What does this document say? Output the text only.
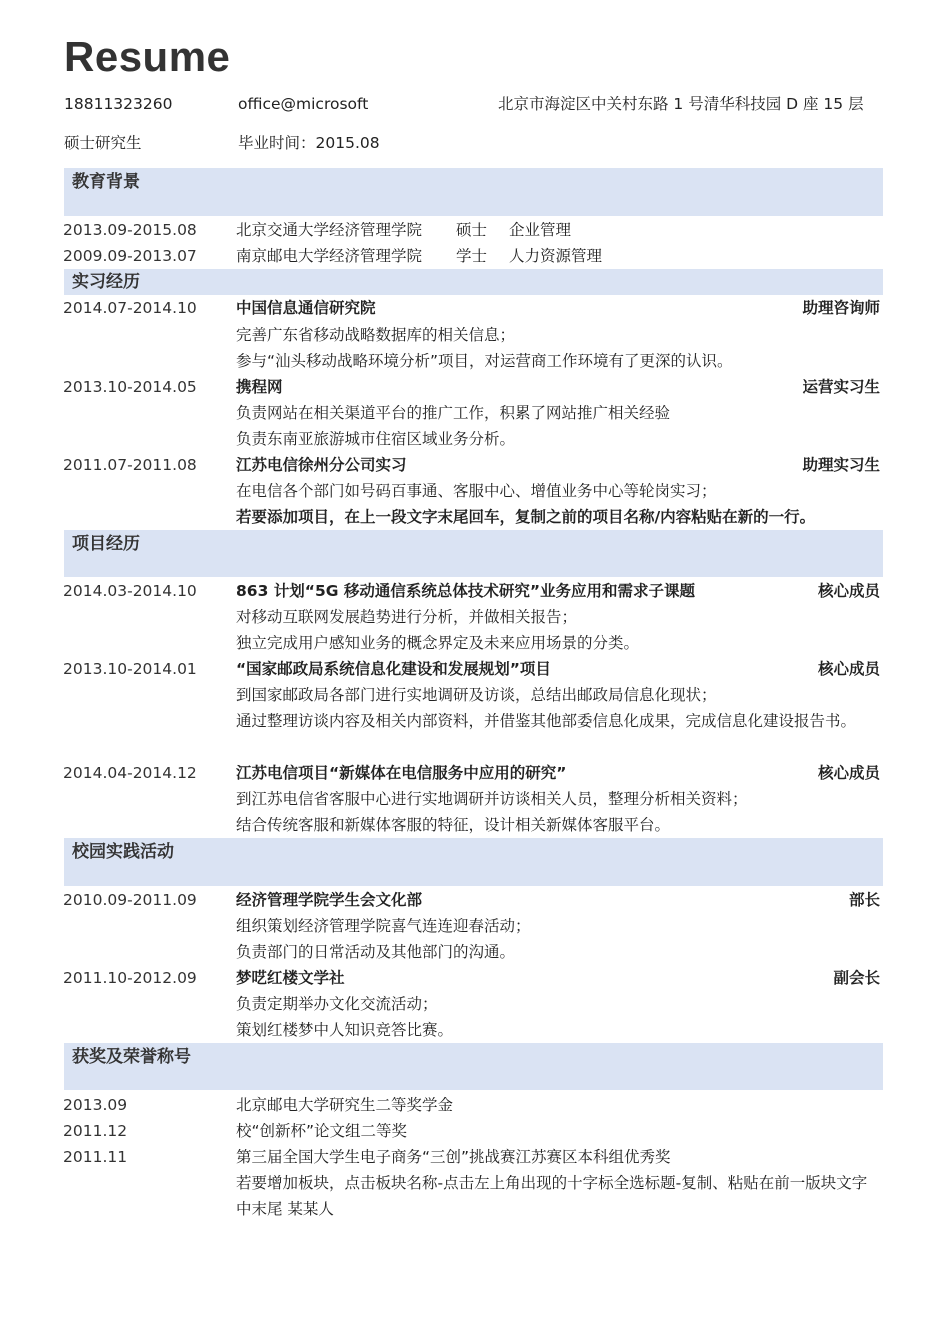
Resume
18811323260	office@microsoft	北京市海淀区中关村东路 1 号清华科技园 D 座 15 层
硕士研究生	毕业时间：2015.08
教育背景
2013.09-2015.08	北京交通大学经济管理学院 硕士 企业管理
2009.09-2013.07	南京邮电大学经济管理学院 学士 人力资源管理
实习经历
2014.07-2014.10	中国信息通信研究院	助理咨询师
完善广东省移动战略数据库的相关信息；
参与“汕头移动战略环境分析”项目，对运营商工作环境有了更深的认识。
2013.10-2014.05	携程网	运营实习生
负责网站在相关渠道平台的推广工作，积累了网站推广相关经验
负责东南亚旅游城市住宿区域业务分析。
2011.07-2011.08	江苏电信徐州分公司实习	助理实习生
在电信各个部门如号码百事通、客服中心、增值业务中心等轮岗实习；
若要添加项目，在上一段文字末尾回车，复制之前的项目名称/内容粘贴在新的一行。
项目经历
2014.03-2014.10	863 计划“5G 移动通信系统总体技术研究”业务应用和需求子课题	核心成员
对移动互联网发展趋势进行分析，并做相关报告；
独立完成用户感知业务的概念界定及未来应用场景的分类。
2013.10-2014.01	“国家邮政局系统信息化建设和发展规划”项目	核心成员
到国家邮政局各部门进行实地调研及访谈，总结出邮政局信息化现状；
通过整理访谈内容及相关内部资料，并借鉴其他部委信息化成果，完成信息化建设报告书。
2014.04-2014.12	江苏电信项目“新媒体在电信服务中应用的研究”	核心成员
到江苏电信省客服中心进行实地调研并访谈相关人员，整理分析相关资料；
结合传统客服和新媒体客服的特征，设计相关新媒体客服平台。
校园实践活动
2010.09-2011.09	经济管理学院学生会文化部	部长
组织策划经济管理学院喜气连连迎春活动；
负责部门的日常活动及其他部门的沟通。
2011.10-2012.09	梦呓红楼文学社	副会长
负责定期举办文化交流活动；
策划红楼梦中人知识竞答比赛。
获奖及荣誉称号
2013.09	北京邮电大学研究生二等奖学金
2011.12	校“创新杯”论文组二等奖
2011.11	第三届全国大学生电子商务“三创”挑战赛江苏赛区本科组优秀奖
若要增加板块，点击板块名称-点击左上角出现的十字标全选标题-复制、粘贴在前一版块文字中末尾 某某人
